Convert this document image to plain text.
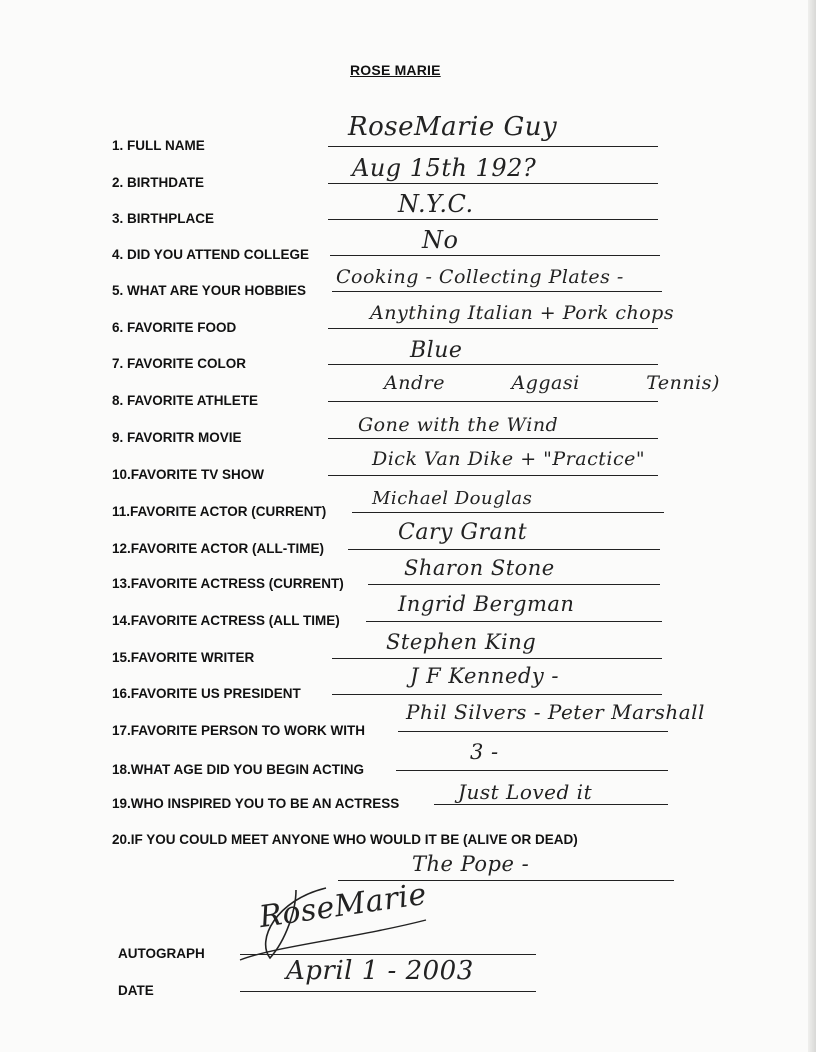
ROSE MARIE
1. FULL NAME
RoseMarie Guy
2. BIRTHDATE
Aug 15th 192?
3. BIRTHPLACE
N.Y.C.
4. DID YOU ATTEND COLLEGE
No
5. WHAT ARE YOUR HOBBIES
Cooking - Collecting Plates -
6. FAVORITE FOOD
Anything Italian + Pork chops
7. FAVORITE COLOR
Blue
8. FAVORITE ATHLETE
Andre Aggasi Tennis)
9. FAVORITR MOVIE
Gone with the Wind
10.FAVORITE TV SHOW
Dick Van Dike + "Practice"
11.FAVORITE ACTOR (CURRENT)
Michael Douglas
12.FAVORITE ACTOR (ALL-TIME)
Cary Grant
13.FAVORITE ACTRESS (CURRENT)
Sharon Stone
14.FAVORITE ACTRESS (ALL TIME)
Ingrid Bergman
15.FAVORITE WRITER
Stephen King
16.FAVORITE US PRESIDENT
J F Kennedy -
17.FAVORITE PERSON TO WORK WITH
Phil Silvers - Peter Marshall
18.WHAT AGE DID YOU BEGIN ACTING
3 -
19.WHO INSPIRED YOU TO BE AN ACTRESS	Just Loved it
20.IF YOU COULD MEET ANYONE WHO WOULD IT BE (ALIVE OR DEAD)
The Pope -
AUTOGRAPH
RoseMarie
DATE
April 1 - 2003
